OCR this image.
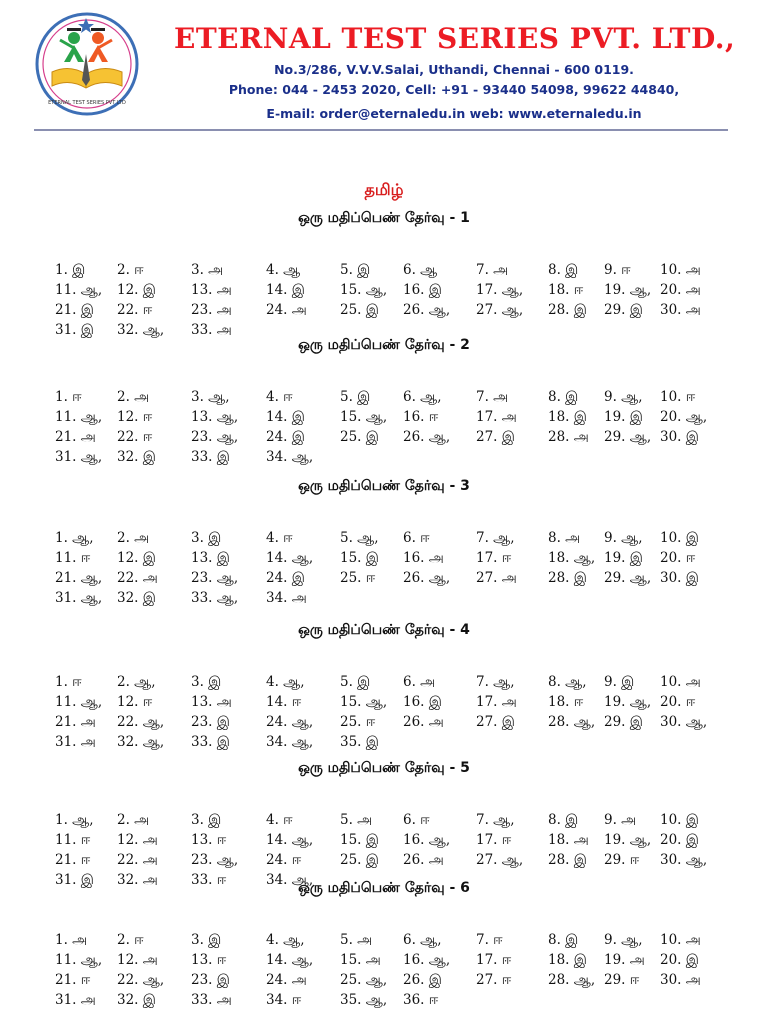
ETERNAL TEST SERIES PVT LTD
ETERNAL TEST SERIES PVT. LTD.,
No.3/286, V.V.V.Salai, Uthandi, Chennai - 600 0119.
Phone: 044 - 2453 2020, Cell: +91 - 93440 54098, 99622 44840,
E-mail: order@eternaledu.in web: www.eternaledu.in
தமிழ்
ஒரு மதிப்பெண் தேர்வு - 1
1. இ 2. ஈ	3. அ	4. ஆ	5. இ 6. ஆ	7. அ	8. இ 9. ஈ 10. அ
11. ஆ, 12. இ	13. அ	14. இ	15. ஆ, 16. இ	17. ஆ, 18. ஈ 19. ஆ, 20. அ
21. இ 22. ஈ	23. அ	24. அ 25. இ 26. ஆ, 27. ஆ, 28. இ 29. இ 30. அ
31. இ 32. ஆ, 33. அ
ஒரு மதிப்பெண் தேர்வு - 2
1. ஈ	2. அ	3. ஆ,	4. ஈ	5. இ 6. ஆ,	7. அ	8. இ 9. ஆ, 10. ஈ
11. ஆ, 12. ஈ	13. ஆ, 14. இ	15. ஆ, 16. ஈ	17. அ 18. இ 19. இ 20. ஆ,
21. அ 22. ஈ	23. ஆ, 24. இ	25. இ 26. ஆ, 27. இ 28. அ 29. ஆ, 30. இ
31. ஆ, 32. இ	33. இ	34. ஆ,
ஒரு மதிப்பெண் தேர்வு - 3
1. ஆ, 2. அ	3. இ	4. ஈ	5. ஆ, 6. ஈ	7. ஆ, 8. அ 9. ஆ, 10. இ
11. ஈ 12. இ	13. இ	14. ஆ, 15. இ 16. அ 17. ஈ	18. ஆ, 19. இ 20. ஈ
21. ஆ, 22. அ 23. ஆ, 24. இ	25. ஈ 26. ஆ, 27. அ 28. இ 29. ஆ, 30. இ
31. ஆ, 32. இ	33. ஆ, 34. அ
ஒரு மதிப்பெண் தேர்வு - 4
1. ஈ	2. ஆ,	3. இ	4. ஆ,	5. இ 6. அ	7. ஆ, 8. ஆ, 9. இ 10. அ
11. ஆ, 12. ஈ	13. அ	14. ஈ	15. ஆ, 16. இ	17. அ 18. ஈ 19. ஆ, 20. ஈ
21. அ 22. ஆ, 23. இ	24. ஆ, 25. ஈ 26. அ 27. இ 28. ஆ, 29. இ 30. ஆ,
31. அ 32. ஆ, 33. இ	34. ஆ, 35. இ
ஒரு மதிப்பெண் தேர்வு - 5
1. ஆ, 2. அ	3. இ	4. ஈ	5. அ 6. ஈ	7. ஆ, 8. இ 9. அ 10. இ
11. ஈ 12. அ 13. ஈ	14. ஆ, 15. இ 16. ஆ, 17. ஈ	18. அ 19. ஆ, 20. இ
21. ஈ 22. அ 23. ஆ, 24. ஈ	25. இ 26. அ 27. ஆ, 28. இ 29. ஈ 30. ஆ,
31. இ 32. அ 33. ஈ	34. ஆ,
ஒரு மதிப்பெண் தேர்வு - 6
1. அ 2. ஈ	3. இ	4. ஆ,	5. அ 6. ஆ,	7. ஈ	8. இ 9. ஆ, 10. அ
11. ஆ, 12. அ 13. ஈ	14. ஆ, 15. அ 16. ஆ, 17. ஈ	18. இ 19. அ 20. இ
21. ஈ 22. ஆ, 23. இ	24. அ 25. ஆ, 26. இ	27. ஈ	28. ஆ, 29. ஈ 30. அ
31. அ 32. இ	33. அ	34. ஈ	35. ஆ, 36. ஈ
